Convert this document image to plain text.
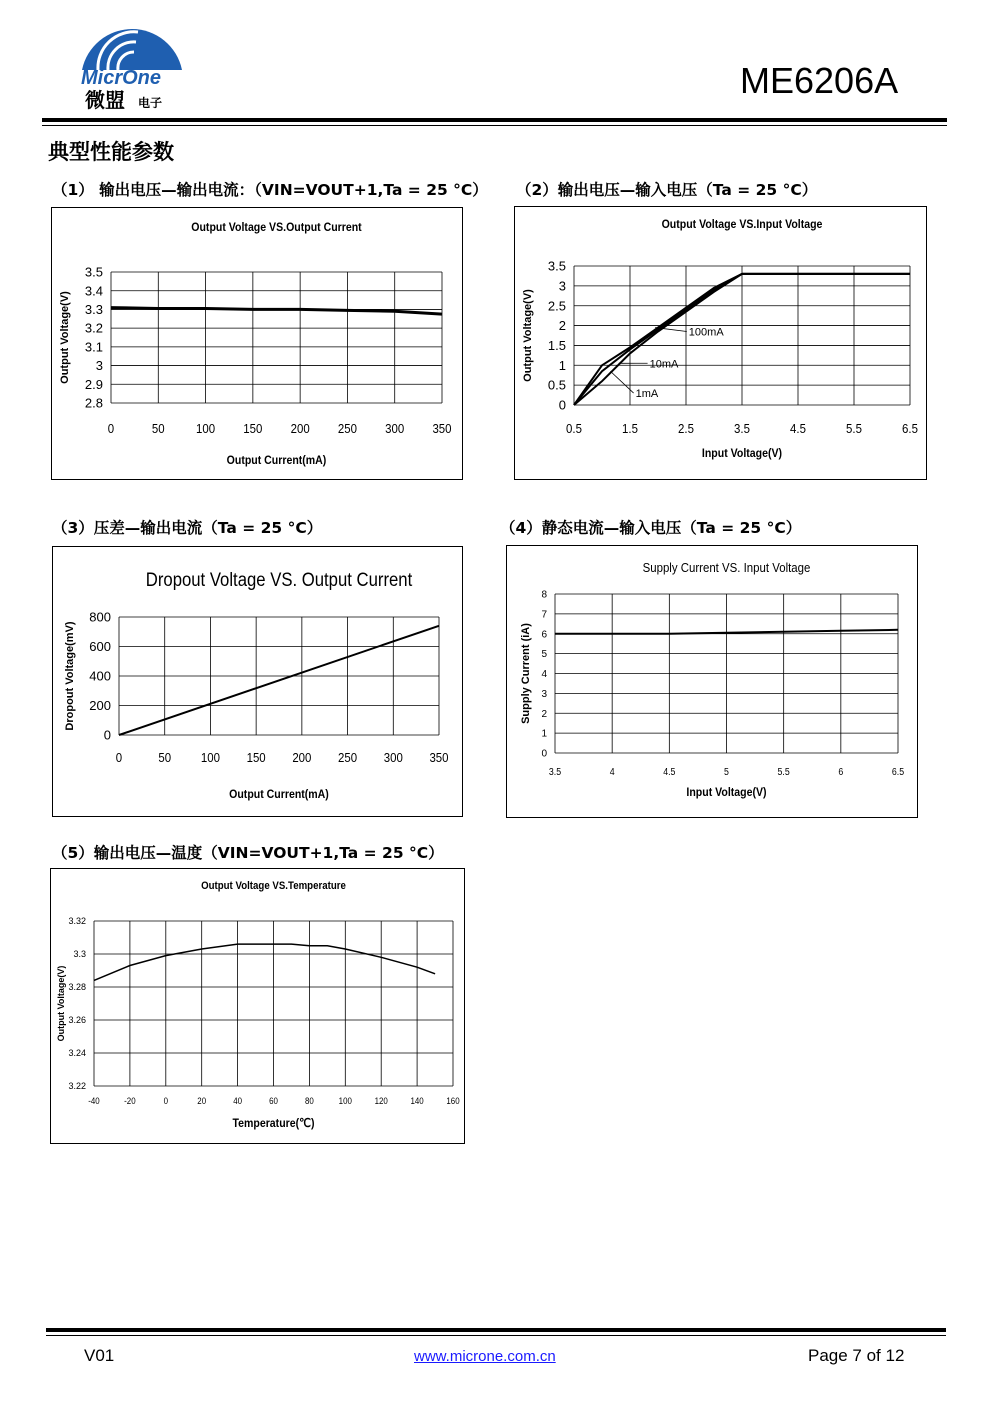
MicrOne
微盟 电子
ME6206A
典型性能参数
（1） 输出电压—输出电流：（VIN=VOUT+1,Ta = 25 °C） （2）输出电压—输入电压（Ta = 25 °C）
（3）压差—输出电流（Ta = 25 °C）	（4）静态电流—输入电压（Ta = 25 °C）
（5）输出电压—温度（VIN=VOUT+1,Ta = 25 °C）
Output Voltage VS.Output Current
0	50 100 150 200 250 300 350
2.8
2.9
3
3.1
3.2
3.3
3.4
3.5
Output Current(mA)
Output Voltage(V)
Output Voltage VS.Input Voltage
0.5	1.5	2.5	3.5	4.5	5.5	6.5
0
0.5
1
1.5
2
2.5
3
3.5
Input Voltage(V)
Output Voltage(V)	100mA
10mA
1mA
Dropout Voltage VS. Output Current
0	50 100 150 200 250 300 350
0
200
400
600
800
Output Current(mA)
Dropout Voltage(mV)
Supply Current VS. Input Voltage
3.5	4	4.5	5	5.5	6	6.5
0
1
2
3
4
5
6
7
8
Input Voltage(V)
Supply Current (iA)
Output Voltage VS.Temperature
-40	-20	0	20	40	60	80	100	120	140	160
3.22
3.24
3.26
3.28
3.3
3.32
Temperature(℃)
Output Voltage(V)
V01	www.microne.com.cn	Page 7 of 12
